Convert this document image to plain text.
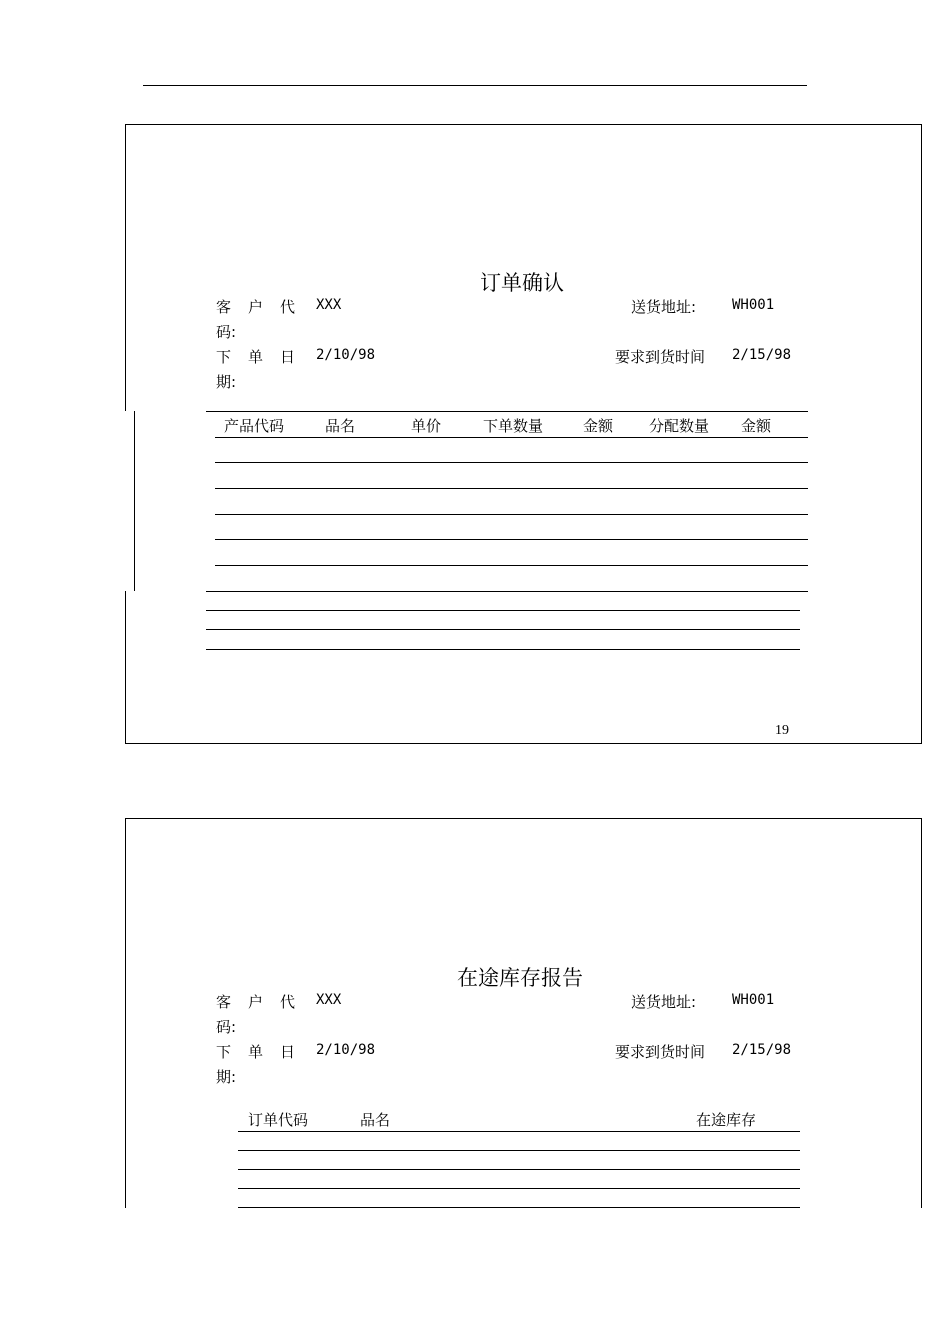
订单确认
客户代
码:
XXX	送货地址:	WH001
下单日
期:
2/10/98	要求到货时间 2/15/98
产品代码	品名	单价	下单数量	金额 分配数量 金额
19
在途库存报告
客户代
码:
XXX	送货地址:	WH001
下单日
期:
2/10/98	要求到货时间 2/15/98
订单代码	品名	在途库存
